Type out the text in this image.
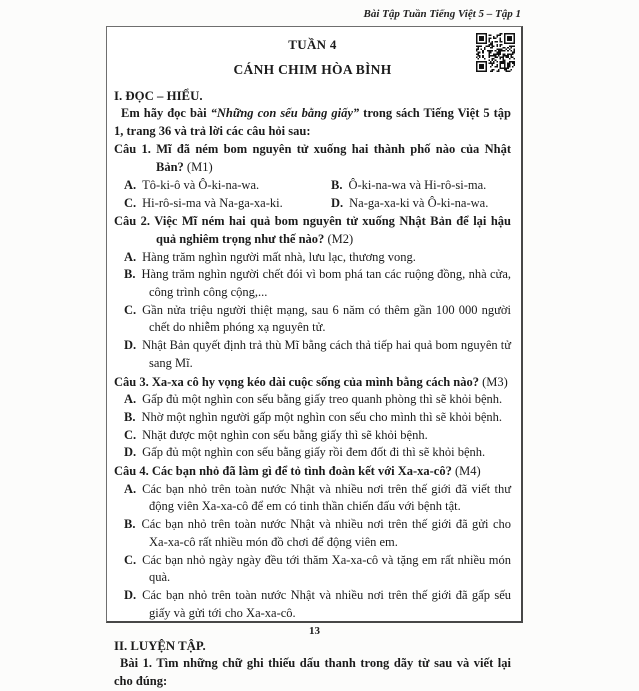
Bài Tập Tuần Tiếng Việt 5 – Tập 1
TUẦN 4
CÁNH CHIM HÒA BÌNH
I. ĐỌC – HIỂU.

Em hãy đọc bài “Những con sếu bằng giấy” trong sách Tiếng Việt 5 tập 1, trang 36 và trả lời các câu hỏi sau:

Câu 1. Mĩ đã ném bom nguyên tử xuống hai thành phố nào của Nhật Bản? (M1)

A. Tô-ki-ô và Ô-ki-na-wa.	B. Ô-ki-na-wa và Hi-rô-si-ma.

C. Hi-rô-si-ma và Na-ga-xa-ki.	D. Na-ga-xa-ki và Ô-ki-na-wa.

Câu 2. Việc Mĩ ném hai quả bom nguyên tử xuống Nhật Bản để lại hậu quả nghiêm trọng như thế nào? (M2)

A. Hàng trăm nghìn người mất nhà, lưu lạc, thương vong.

B. Hàng trăm nghìn người chết đói vì bom phá tan các ruộng đồng, nhà cửa, công trình công cộng,...

C. Gần nửa triệu người thiệt mạng, sau 6 năm có thêm gần 100 000 người chết do nhiễm phóng xạ nguyên tử.

D. Nhật Bản quyết định trả thù Mĩ bằng cách thả tiếp hai quả bom nguyên tử sang Mĩ.

Câu 3. Xa-xa cô hy vọng kéo dài cuộc sống của mình bằng cách nào? (M3)

A. Gấp đủ một nghìn con sếu bằng giấy treo quanh phòng thì sẽ khỏi bệnh.

B. Nhờ một nghìn người gấp một nghìn con sếu cho mình thì sẽ khỏi bệnh.

C. Nhặt được một nghìn con sếu bằng giấy thì sẽ khỏi bệnh.

D. Gấp đủ một nghìn con sếu bằng giấy rồi đem đốt đi thì sẽ khỏi bệnh.

Câu 4. Các bạn nhỏ đã làm gì để tỏ tình đoàn kết với Xa-xa-cô? (M4)

A. Các bạn nhỏ trên toàn nước Nhật và nhiều nơi trên thế giới đã viết thư động viên Xa-xa-cô để em có tinh thần chiến đấu với bệnh tật.

B. Các bạn nhỏ trên toàn nước Nhật và nhiều nơi trên thế giới đã gửi cho Xa-xa-cô rất nhiều món đồ chơi để động viên em.

C. Các bạn nhỏ ngày ngày đều tới thăm Xa-xa-cô và tặng em rất nhiều món quà.

D. Các bạn nhỏ trên toàn nước Nhật và nhiều nơi trên thế giới đã gấp sếu giấy và gửi tới cho Xa-xa-cô.

II. LUYỆN TẬP.

Bài 1. Tìm những chữ ghi thiếu dấu thanh trong dãy từ sau và viết lại cho đúng:

13
